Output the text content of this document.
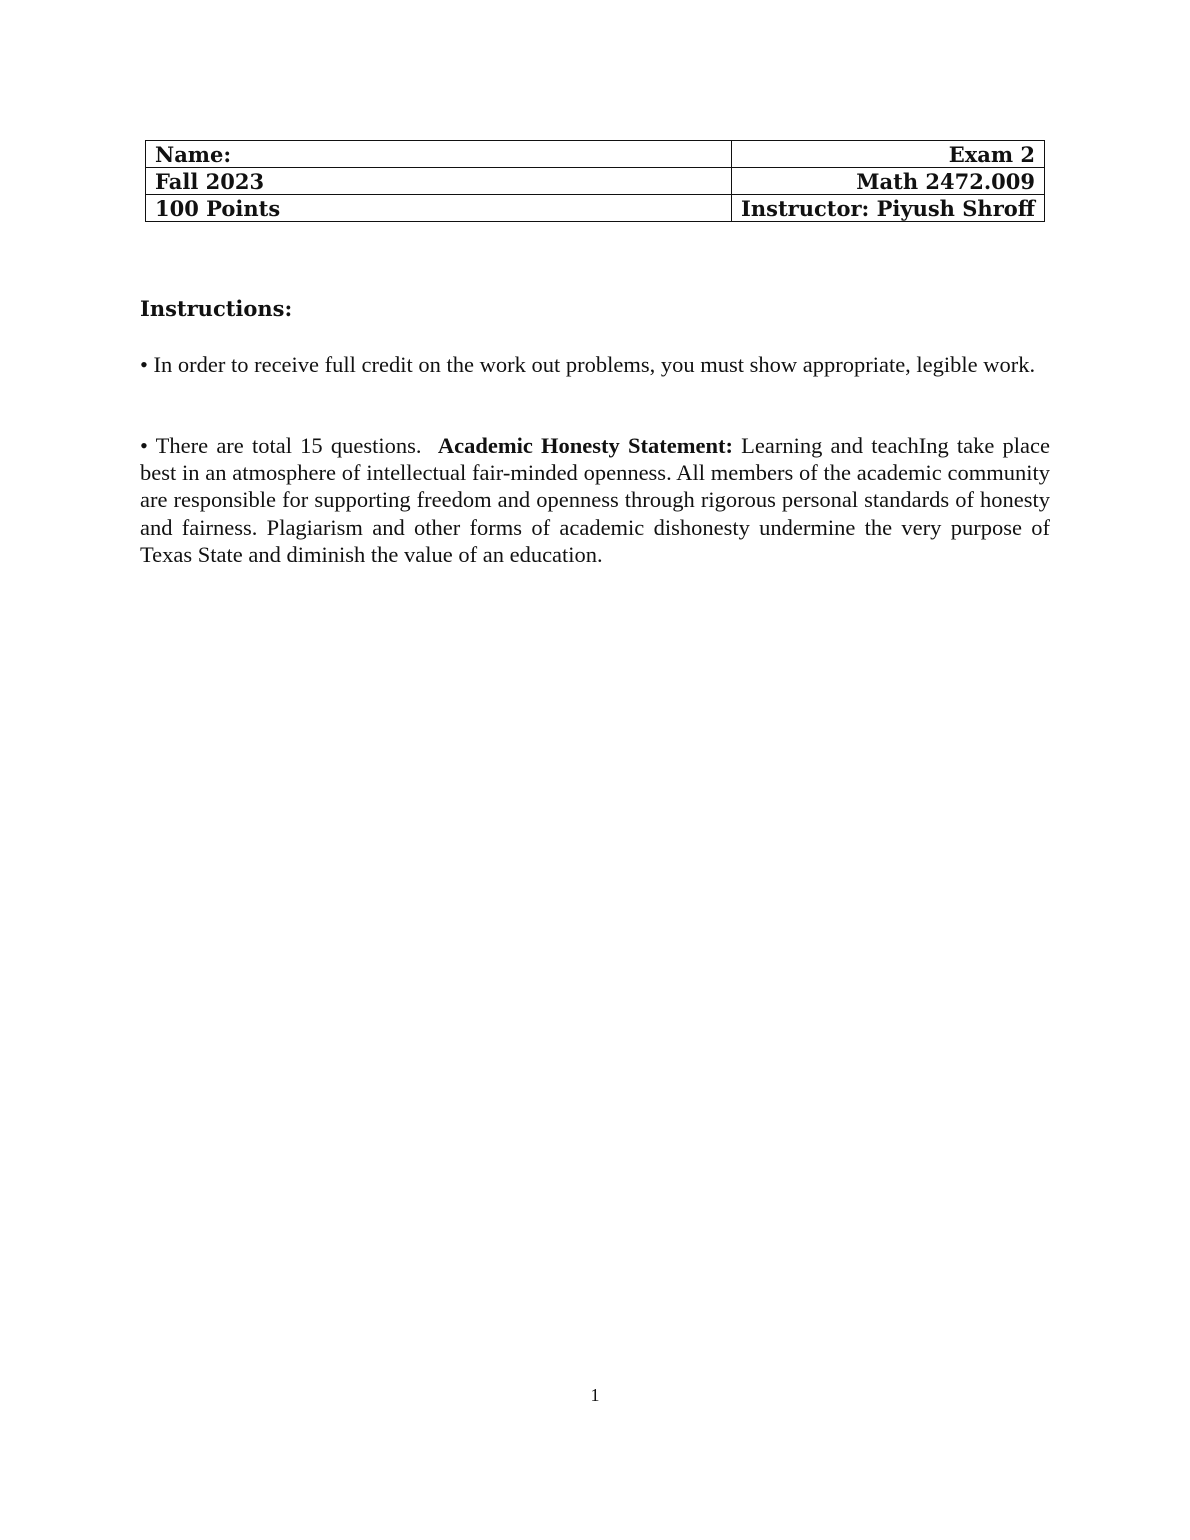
Name:	Exam 2
Fall 2023	Math 2472.009
100 Points	Instructor: Piyush Shroff
Instructions:

• In order to receive full credit on the work out problems, you must show appropriate, legible work.

• There are total 15 questions. Academic Honesty Statement: Learning and teachIng take place best in an atmosphere of intellectual fair-minded openness. All members of the academic community are responsible for supporting freedom and openness through rigorous personal standards of honesty and fairness. Plagiarism and other forms of academic dishonesty undermine the very purpose of Texas State and diminish the value of an education.

1
